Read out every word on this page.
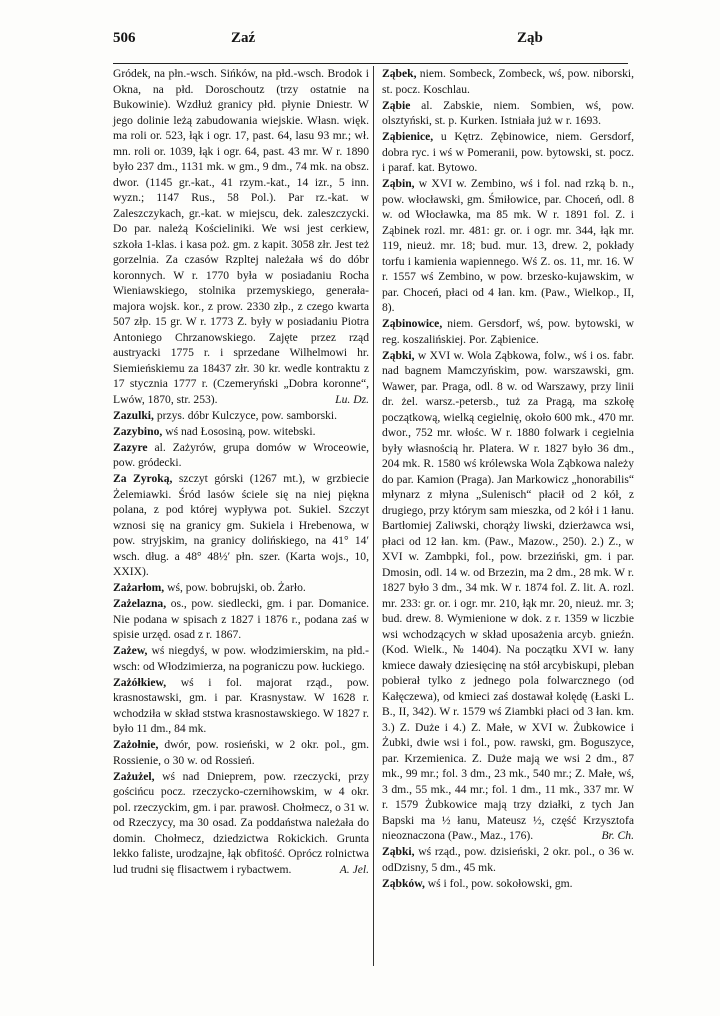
506	Zaź	Ząb

Gródek, na płn.-wsch. Sińków, na płd.-wsch. Brodok i Okna, na płd. Doroschoutz (trzy ostatnie na Bukowinie). Wzdłuż granicy płd. płynie Dniestr. W jego dolinie leżą zabudowania wiejskie. Własn. więk. ma roli or. 523, łąk i ogr. 17, past. 64, lasu 93 mr.; wł. mn. roli or. 1039, łąk i ogr. 64, past. 43 mr. W r. 1890 było 237 dm., 1131 mk. w gm., 9 dm., 74 mk. na obsz. dwor. (1145 gr.-kat., 41 rzym.-kat., 14 izr., 5 inn. wyzn.; 1147 Rus., 58 Pol.). Par rz.-kat. w Zaleszczykach, gr.-kat. w miejscu, dek. zaleszczycki. Do par. należą Kościeliniki. We wsi jest cerkiew, szkoła 1-klas. i kasa poż. gm. z kapit. 3058 złr. Jest też gorzelnia. Za czasów Rzpltej należała wś do dóbr koronnych. W r. 1770 była w posiadaniu Rocha Wieniawskiego, stolnika przemyskiego, generała-majora wojsk. kor., z prow. 2330 złp., z czego kwarta 507 złp. 15 gr. W r. 1773 Z. były w posiadaniu Piotra Antoniego Chrzanowskiego. Zajęte przez rząd austryacki 1775 r. i sprzedane Wilhelmowi hr. Siemieńskiemu za 18437 złr. 30 kr. wedle kontraktu z 17 stycznia 1777 r. (Czemeryński „Dobra koronne“, Lwów, 1870, str. 253).	Lu. Dz.

Zazulki, przys. dóbr Kulczyce, pow. samborski.

Zazybino, wś nad Łososiną, pow. witebski.

Zazyre al. Zażyrów, grupa domów w Wroceowie, pow. gródecki.

Za Zyroką, szczyt górski (1267 mt.), w grzbiecie Żelemiawki. Śród lasów ściele się na niej piękna polana, z pod której wypływa pot. Sukiel. Szczyt wznosi się na granicy gm. Sukiela i Hrebenowa, w pow. stryjskim, na granicy dolińskiego, na 41° 14′ wsch. dług. a 48° 48½′ płn. szer. (Karta wojs., 10, XXIX).

Zażarłom, wś, pow. bobrujski, ob. Żarło.

Zażelazna, os., pow. siedlecki, gm. i par. Domanice. Nie podana w spisach z 1827 i 1876 r., podana zaś w spisie urzęd. osad z r. 1867.

Zażew, wś niegdyś, w pow. włodzimierskim, na płd.-wsch: od Włodzimierza, na pograniczu pow. łuckiego.

Zażółkiew, wś i fol. majorat rząd., pow. krasnostawski, gm. i par. Krasnystaw. W 1628 r. wchodziła w skład ststwa krasnostawskiego. W 1827 r. było 11 dm., 84 mk.

Zażołnie, dwór, pow. rosieński, w 2 okr. pol., gm. Rossienie, o 30 w. od Rossień.

Zażużel, wś nad Dnieprem, pow. rzeczycki, przy gościńcu pocz. rzeczycko-czernihowskim, w 4 okr. pol. rzeczyckim, gm. i par. prawosł. Chołmecz, o 31 w. od Rzeczycy, ma 30 osad. Za poddaństwa należała do domin. Chołmecz, dziedzictwa Rokickich. Grunta lekko faliste, urodzajne, łąk obfitość. Oprócz rolnictwa lud trudni się flisactwem i rybactwem.	A. Jel.

Ząbek, niem. Sombeck, Zombeck, wś, pow. niborski, st. pocz. Koschlau.

Ząbie al. Zabskie, niem. Sombien, wś, pow. olsztyński, st. p. Kurken. Istniała już w r. 1693.

Ząbienice, u Kętrz. Zębinowice, niem. Gersdorf, dobra ryc. i wś w Pomeranii, pow. bytowski, st. pocz. i paraf. kat. Bytowo.

Ząbin, w XVI w. Zembino, wś i fol. nad rzką b. n., pow. włocławski, gm. Śmiłowice, par. Choceń, odl. 8 w. od Włocławka, ma 85 mk. W r. 1891 fol. Z. i Ząbinek rozl. mr. 481: gr. or. i ogr. mr. 344, łąk mr. 119, nieuż. mr. 18; bud. mur. 13, drew. 2, pokłady torfu i kamienia wapiennego. Wś Z. os. 11, mr. 16. W r. 1557 wś Zembino, w pow. brzesko-kujawskim, w par. Choceń, płaci od 4 łan. km. (Paw., Wielkop., II, 8).

Ząbinowice, niem. Gersdorf, wś, pow. bytowski, w reg. koszalińskiej. Por. Ząbienice.

Ząbki, w XVI w. Wola Ząbkowa, folw., wś i os. fabr. nad bagnem Mamczyńskim, pow. warszawski, gm. Wawer, par. Praga, odl. 8 w. od Warszawy, przy linii dr. żel. warsz.-petersb., tuż za Pragą, ma szkołę początkową, wielką cegielnię, około 600 mk., 470 mr. dwor., 752 mr. włośc. W r. 1880 folwark i cegielnia były własnością hr. Platera. W r. 1827 było 36 dm., 204 mk. R. 1580 wś królewska Wola Ząbkowa należy do par. Kamion (Praga). Jan Markowicz „honorabilis“ młynarz z młyna „Sulenisch“ płacił od 2 kół, z drugiego, przy którym sam mieszka, od 2 kół i 1 łanu. Bartłomiej Zaliwski, chorąży liwski, dzierżawca wsi, płaci od 12 łan. km. (Paw., Mazow., 250). 2.) Z., w XVI w. Zambpki, fol., pow. brzeziński, gm. i par. Dmosin, odl. 14 w. od Brzezin, ma 2 dm., 28 mk. W r. 1827 było 3 dm., 34 mk. W r. 1874 fol. Z. lit. A. rozl. mr. 233: gr. or. i ogr. mr. 210, łąk mr. 20, nieuż. mr. 3; bud. drew. 8. Wymienione w dok. z r. 1359 w liczbie wsi wchodzących w skład uposażenia arcyb. gnieźn. (Kod. Wielk., № 1404). Na początku XVI w. łany kmiece dawały dziesięcinę na stół arcybiskupi, pleban pobierał tylko z jednego pola folwarcznego (od Kałęczewa), od kmieci zaś dostawał kolędę (Łaski L. B., II, 342). W r. 1579 wś Ziambki płaci od 3 łan. km. 3.) Z. Duże i 4.) Z. Małe, w XVI w. Żubkowice i Żubki, dwie wsi i fol., pow. rawski, gm. Boguszyce, par. Krzemienica. Z. Duże mają we wsi 2 dm., 87 mk., 99 mr.; fol. 3 dm., 23 mk., 540 mr.; Z. Małe, wś, 3 dm., 55 mk., 44 mr.; fol. 1 dm., 11 mk., 337 mr. W r. 1579 Żubkowice mają trzy działki, z tych Jan Bapski ma ½ łanu, Mateusz ½, część Krzysztofa nieoznaczona (Paw., Maz., 176).	Br. Ch.

Ząbki, wś rząd., pow. dzisieński, 2 okr. pol., o 36 w. odDzisny, 5 dm., 45 mk.

Ząbków, wś i fol., pow. sokołowski, gm.
